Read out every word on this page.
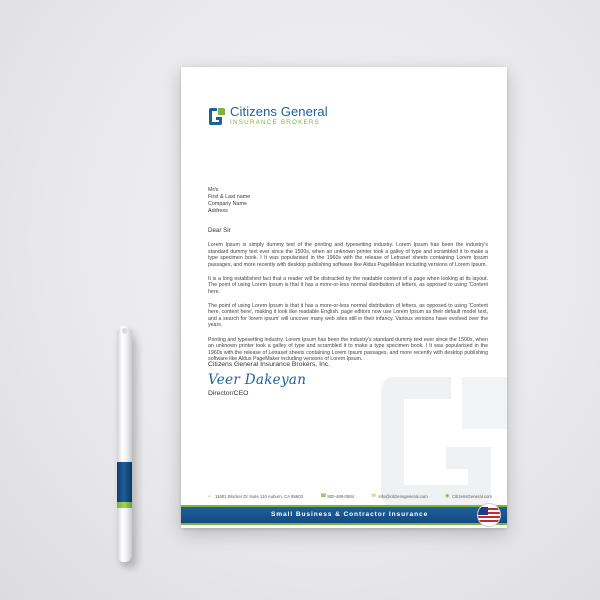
Citizens General
INSURANCE BROKERS
Mr/s
First & Last name
Company Name
Address
Dear Sir

Lorem Ipsum is simply dummy text of the printing and typesetting industry. Lorem Ipsum has been the industry's standard dummy text ever since the 1500s, when an unknown printer took a galley of type and scrambled it to make a type specimen book. I It was popularised in the 1960s with the release of Letraset sheets containing Lorem Ipsum passages, and more recently with desktop publishing software like Aldus PageMaker including versions of Lorem Ipsum.

It is a long established fact that a reader will be distracted by the readable content of a page when looking at its layout. The point of using Lorem Ipsum is that it has a more-or-less normal distribution of letters, as opposed to using 'Content here.

The point of using Lorem Ipsum is that it has a more-or-less normal distribution of letters, as opposed to using 'Content here, content here', making it look like readable English. page editors now use Lorem Ipsum as their default model text, and a search for 'lorem ipsum' will uncover many web sites still in their infancy. Various versions have evolved over the years.

Printing and typesetting industry. Lorem Ipsum has been the industry's standard dummy text ever since the 1500s, when an unknown printer took a galley of type and scrambled it to make a type specimen book. I It was popularised in the 1960s with the release of Letraset sheets containing Lorem Ipsum passages, and more recently with desktop publishing software like Aldus PageMaker including versions of Lorem Ipsum.

Citizens General Insurance Brokers, Inc.
Veer Dakeyan
Director/CEO
⌂ 11601 Blocker Dr Suite 110 Auburn, CA 95603	☎ 800-489-0884	✉ info@citizensgeneral.com	◉ CitizensGeneral.com
Small Business & Contractor Insurance
